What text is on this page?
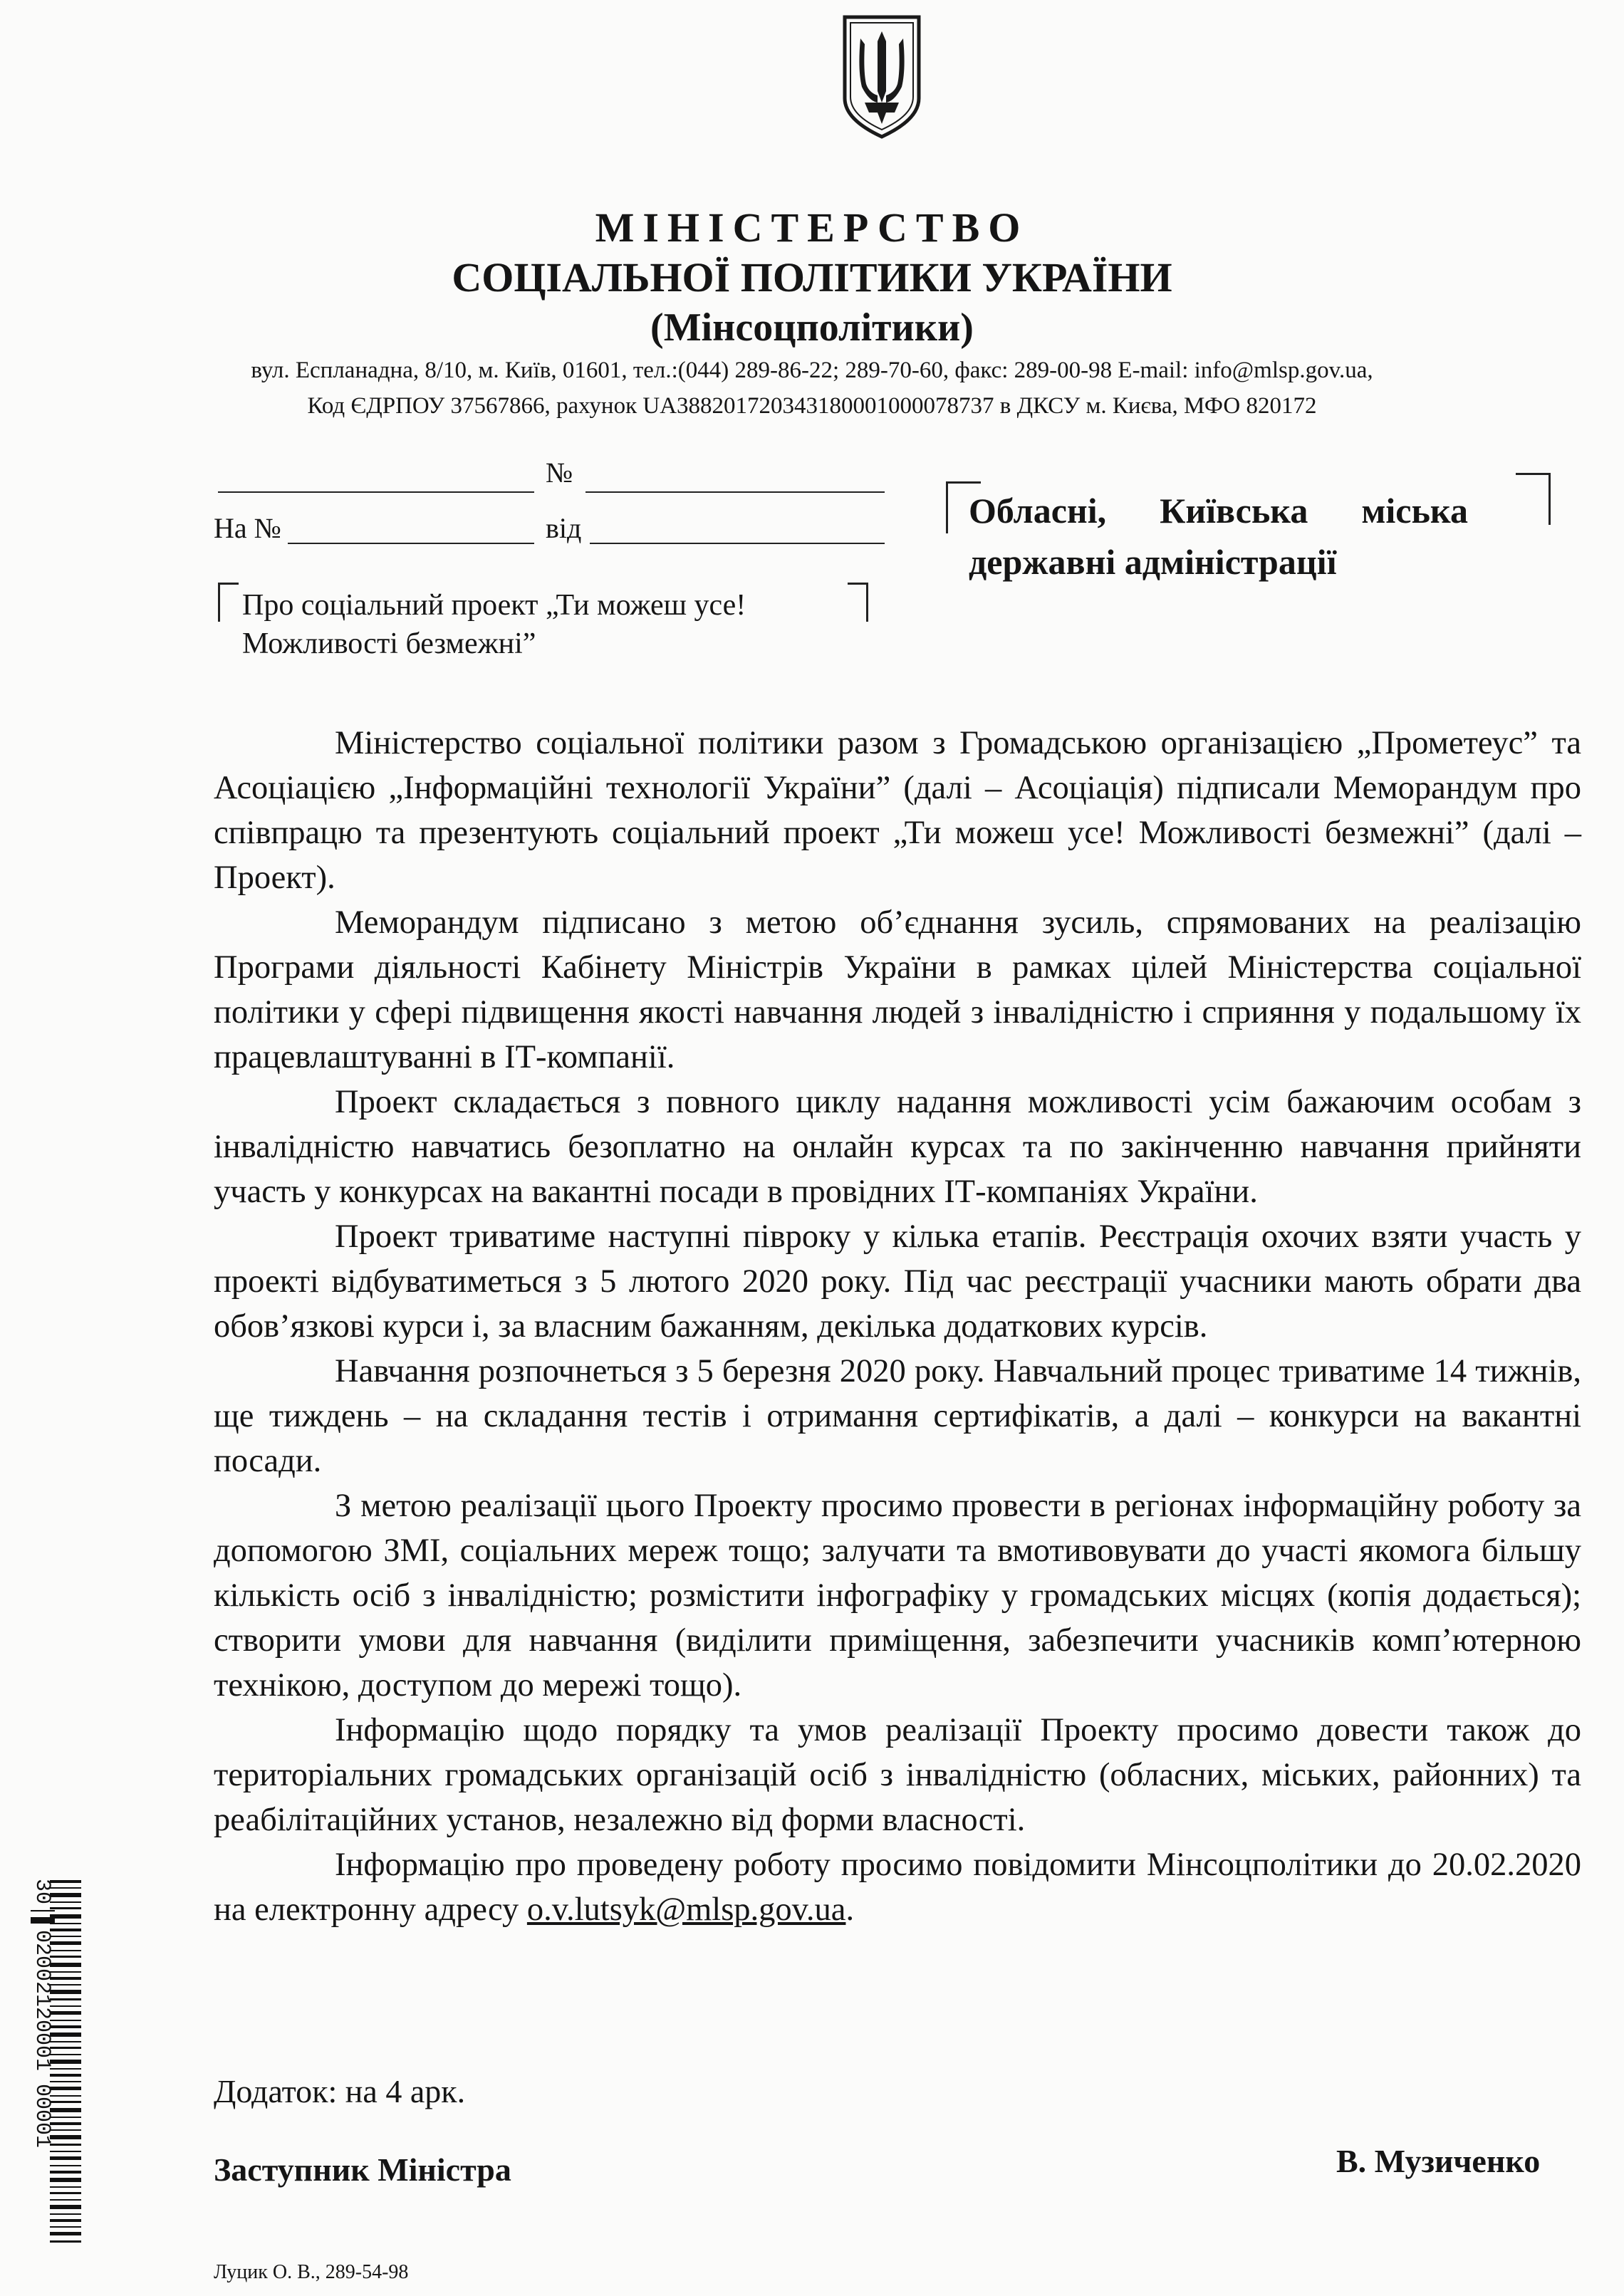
МІНІСТЕРСТВО
СОЦІАЛЬНОЇ ПОЛІТИКИ УКРАЇНИ
(Мінсоцполітики)
вул. Еспланадна, 8/10, м. Київ, 01601, тел.:(044) 289-86-22; 289-70-60, факс: 289-00-98 E-mail: info@mlsp.gov.ua,
Код ЄДРПОУ 37567866, рахунок UA388201720343180001000078737 в ДКСУ м. Києва, МФО 820172
№
На №	від	Обласні,      Київська      міська
державні адміністрації
Про соціальний проект „Ти можеш усе!
Можливості безмежні”

Міністерство соціальної політики разом з Громадською організацією „Прометеус” та Асоціацією „Інформаційні технології України” (далі – Асоціація) підписали Меморандум про співпрацю та презентують соціальний проект „Ти можеш усе! Можливості безмежні” (далі – Проект).

Меморандум підписано з метою об’єднання зусиль, спрямованих на реалізацію Програми діяльності Кабінету Міністрів України в рамках цілей Міністерства соціальної політики у сфері підвищення якості навчання людей з інвалідністю і сприяння у подальшому їх працевлаштуванні в ІТ-компанії.

Проект складається з повного циклу надання можливості усім бажаючим особам з інвалідністю навчатись безоплатно на онлайн курсах та по закінченню навчання прийняти участь у конкурсах на вакантні посади в провідних ІТ-компаніях України.

Проект триватиме наступні півроку у кілька етапів. Реєстрація охочих взяти участь у проекті відбуватиметься з 5 лютого 2020 року. Під час реєстрації учасники мають обрати два обов’язкові курси і, за власним бажанням, декілька додаткових курсів.

Навчання розпочнеться з 5 березня 2020 року. Навчальний процес триватиме 14 тижнів, ще тиждень – на складання тестів і отримання сертифікатів, а далі – конкурси на вакантні посади.

З метою реалізації цього Проекту просимо провести в регіонах інформаційну роботу за допомогою ЗМІ, соціальних мереж тощо; залучати та вмотивовувати до участі якомога більшу кількість осіб з інвалідністю; розмістити інфографіку у громадських місцях (копія додається); створити умови для навчання (виділити приміщення, забезпечити учасників комп’ютерною технікою, доступом до мережі тощо).

Інформацію щодо порядку та умов реалізації Проекту просимо довести також до територіальних громадських організацій осіб з інвалідністю (обласних, міських, районних) та реабілітаційних установ, незалежно від форми власності.

Інформацію про проведену роботу просимо повідомити Мінсоцполітики до 20.02.2020 на електронну адресу o.v.lutsyk@mlsp.gov.ua.

Додаток: на 4 арк.
Заступник Міністра	В. Музиченко
Луцик О. В., 289-54-98
30│▌02002120001 00001
